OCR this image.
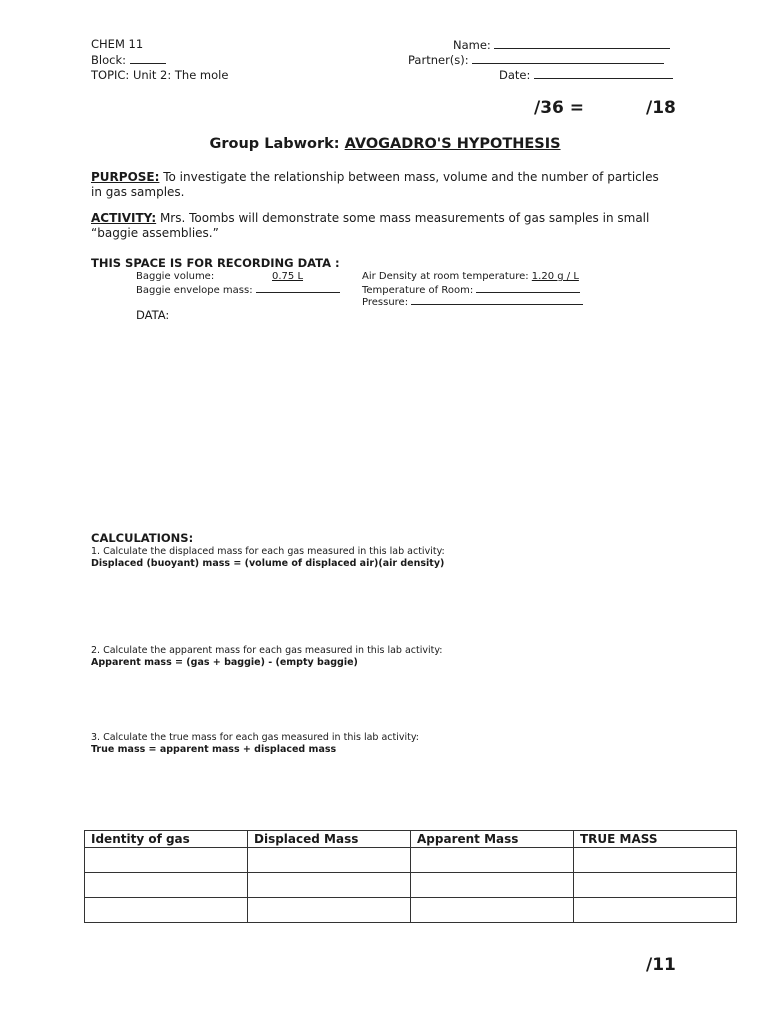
CHEM 11
Block:
TOPIC: Unit 2: The mole
Name:
Partner(s):
Date:
/36 =	/18
Group Labwork: AVOGADRO'S HYPOTHESIS
PURPOSE: To investigate the relationship between mass, volume and the number of particles in gas samples.
ACTIVITY: Mrs. Toombs will demonstrate some mass measurements of gas samples in small “baggie assemblies.”
THIS SPACE IS FOR RECORDING DATA :
Baggie volume:	0.75 L
Baggie envelope mass:
Air Density at room temperature: 1.20 g / L
Temperature of Room:
Pressure:
DATA:
CALCULATIONS:
1. Calculate the displaced mass for each gas measured in this lab activity:
Displaced (buoyant) mass = (volume of displaced air)(air density)
2. Calculate the apparent mass for each gas measured in this lab activity:
Apparent mass = (gas + baggie) - (empty baggie)
3. Calculate the true mass for each gas measured in this lab activity:
True mass = apparent mass + displaced mass
Identity of gas	Displaced Mass	Apparent Mass	TRUE MASS

/11
